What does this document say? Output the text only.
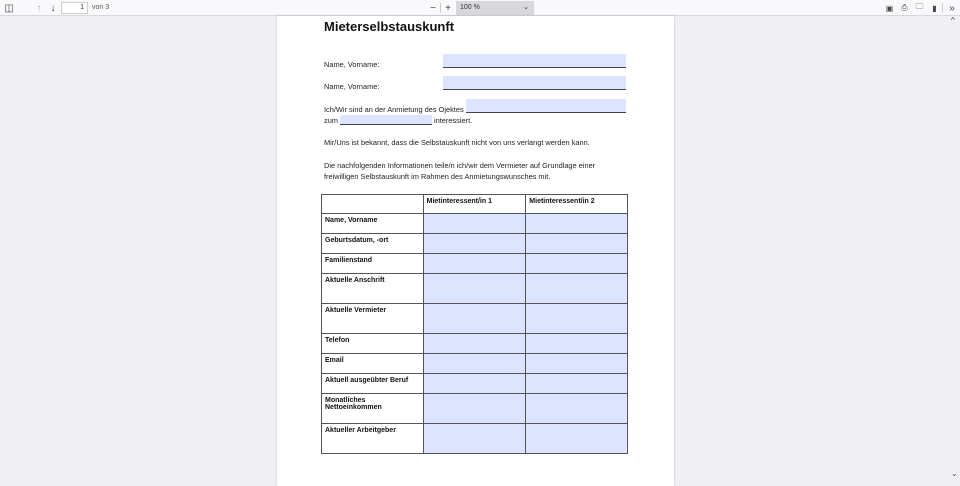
◫	↑ ↓	1	von 3	− +	100 %	⌄	▣ ⎙ 🗀 ▮	»
^
⌄
Mieterselbstauskunft
Name, Vorname:
Name, Vorname:
Ich/Wir sind an der Anmietung des Ojektes
zum	interessiert.
Mir/Uns ist bekannt, dass die Selbstauskunft nicht von uns verlangt werden kann.
Die nachfolgenden Informationen teile/n ich/wir dem Vermieter auf Grundlage einer
freiwilligen Selbstauskunft im Rahmen des Anmietungswunsches mit.
	Mietinteressent/in 1	Mietinteressent/in 2
Name, Vorname		
Geburtsdatum, -ort		
Familienstand		
Aktuelle Anschrift		
Aktuelle Vermieter		
Telefon		
Email		
Aktuell ausgeübter Beruf		
Monatliches Nettoeinkommen		
Aktueller Arbeitgeber		
